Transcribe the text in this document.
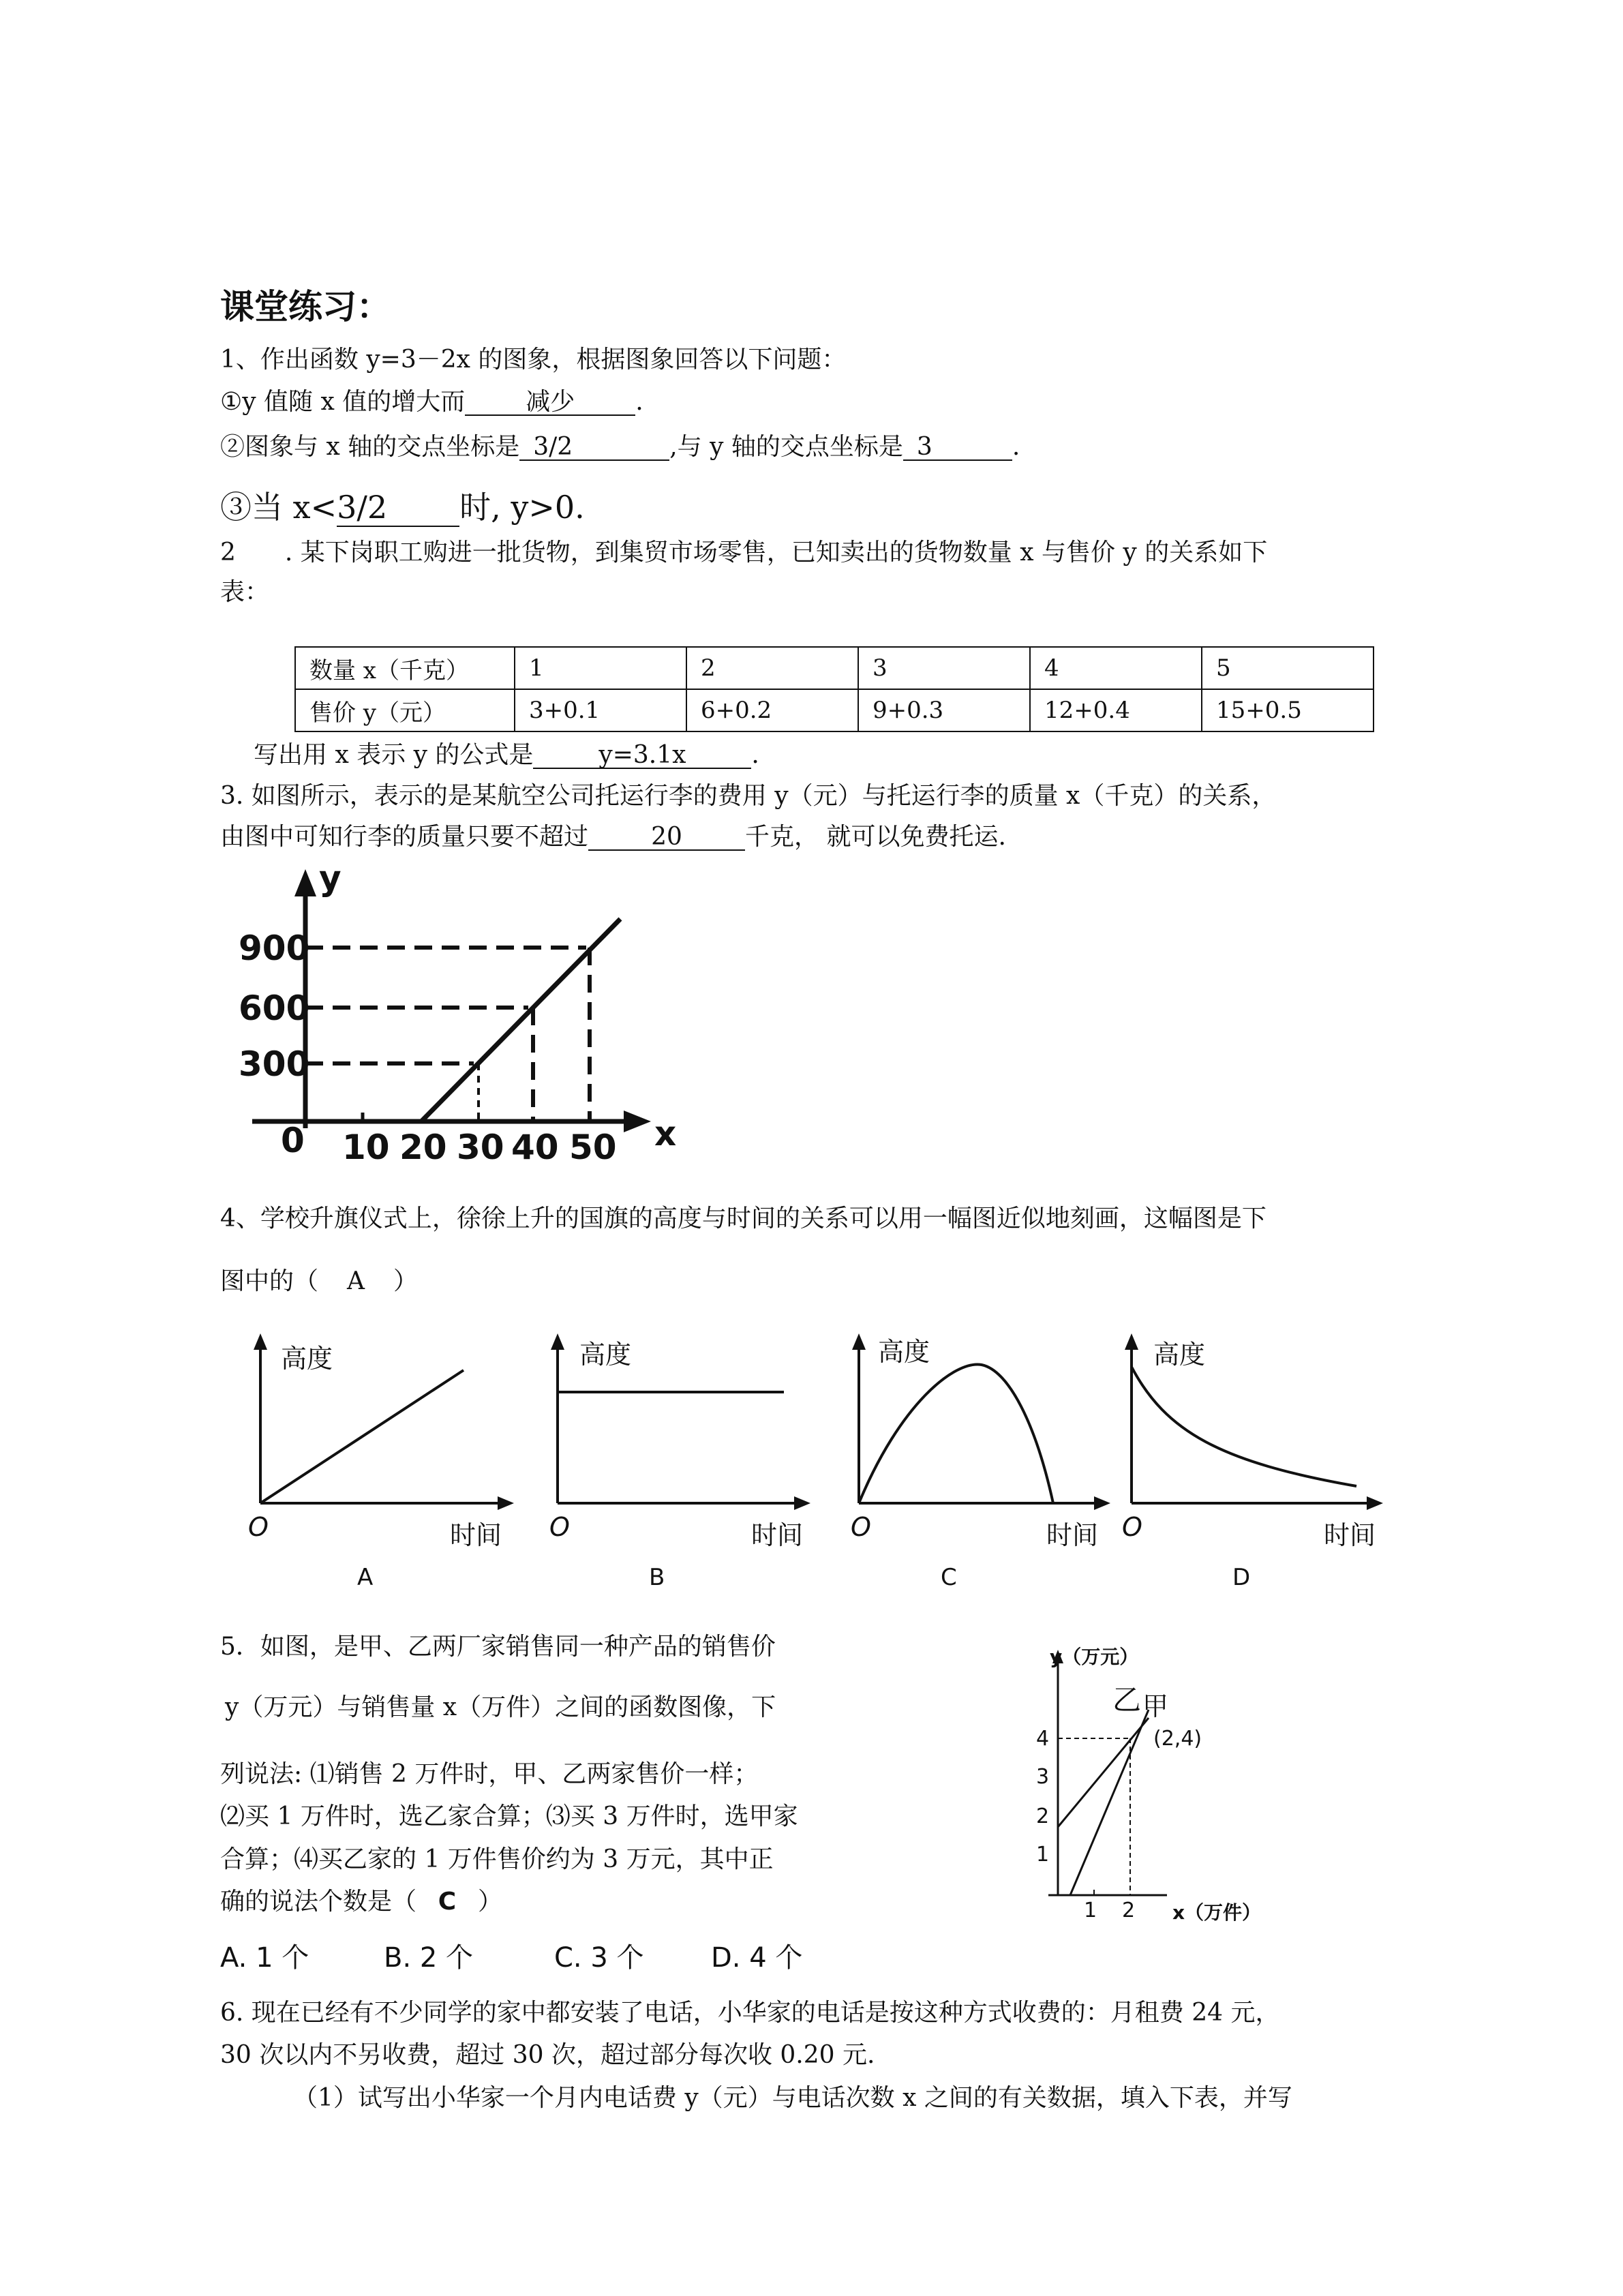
课堂练习：
1、作出函数 y=3－2x 的图象，根据图象回答以下问题：
①y 值随 x 值的增大而 减少 .
②图象与 x 轴的交点坐标是 3/2	,与 y 轴的交点坐标是 3	.
③当 x<3/2 时, y>0.
2　　. 某下岗职工购进一批货物，到集贸市场零售，已知卖出的货物数量 x 与售价 y 的关系如下
表：
数量 x（千克）	1	2	3	4	5
售价 y（元）	3+0.1	6+0.2	9+0.3	12+0.4	15+0.5
写出用 x 表示 y 的公式是	y=3.1x	.
3. 如图所示，表示的是某航空公司托运行李的费用 y（元）与托运行李的质量 x（千克）的关系，
由图中可知行李的质量只要不超过	20	千克， 就可以免费托运.
y
x
0
900
600
300
10 20 30 40 50
4、学校升旗仪式上，徐徐上升的国旗的高度与时间的关系可以用一幅图近似地刻画，这幅图是下
图中的（ A ）
高度
时间
O
A
高度
时间
O
B
高度
时间
O
C
高度
时间
O
D
5．如图，是甲、乙两厂家销售同一种产品的销售价
y（万元）与销售量 x（万件）之间的函数图像，下
列说法: ⑴销售 2 万件时，甲、乙两家售价一样；
⑵买 1 万件时，选乙家合算；⑶买 3 万件时，选甲家
合算；⑷买乙家的 1 万件售价约为 3 万元，其中正
确的说法个数是（ C ）
A. 1 个	B. 2 个	C. 3 个 D. 4 个
y（万元）
乙 甲
(2,4)
4
3
2
1
1 2 x（万件）
6. 现在已经有不少同学的家中都安装了电话，小华家的电话是按这种方式收费的：月租费 24 元，
30 次以内不另收费，超过 30 次，超过部分每次收 0.20 元.
（1）试写出小华家一个月内电话费 y（元）与电话次数 x 之间的有关数据，填入下表，并写
